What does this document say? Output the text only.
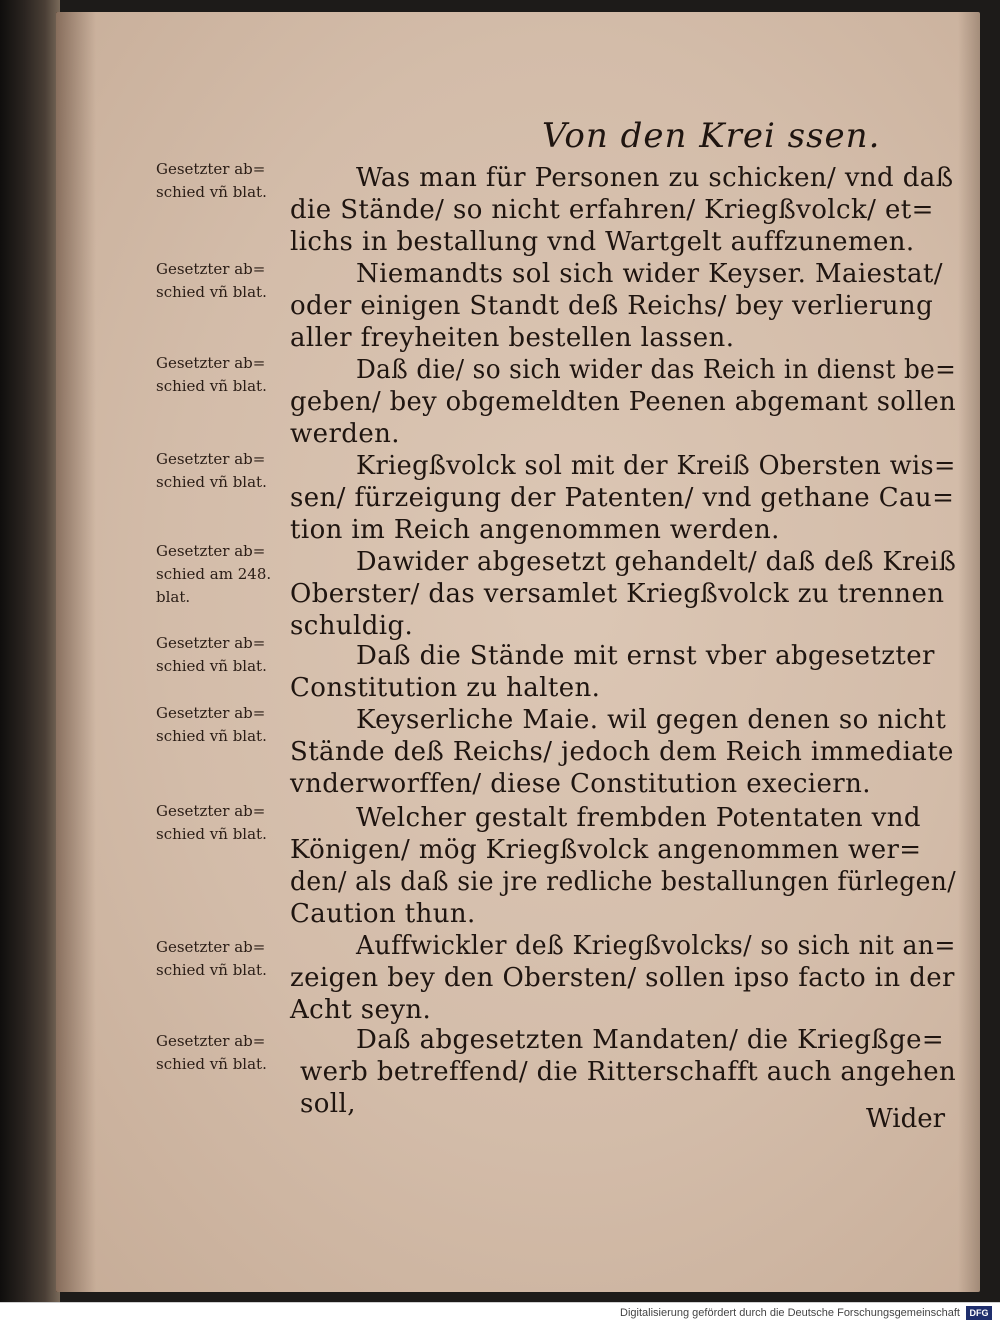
Von den Krei ssen.
Was man für Personen zu schicken/ vnd daß
die Stände/ so nicht erfahren/ Kriegßvolck/ et=
lichs in bestallung vnd Wartgelt auffzunemen.
Niemandts sol sich wider Keyser. Maiestat/
oder einigen Standt deß Reichs/ bey verlierung
aller freyheiten bestellen lassen.
Daß die/ so sich wider das Reich in dienst be=
geben/ bey obgemeldten Peenen abgemant sollen
werden.
Kriegßvolck sol mit der Kreiß Obersten wis=
sen/ fürzeigung der Patenten/ vnd gethane Cau=
tion im Reich angenommen werden.
Dawider abgesetzt gehandelt/ daß deß Kreiß
Oberster/ das versamlet Kriegßvolck zu trennen
schuldig.
Daß die Stände mit ernst vber abgesetzter
Constitution zu halten.
Keyserliche Maie. wil gegen denen so nicht
Stände deß Reichs/ jedoch dem Reich immediate
vnderworffen/ diese Constitution execiern.
Welcher gestalt frembden Potentaten vnd
Königen/ mög Kriegßvolck angenommen wer=
den/ als daß sie jre redliche bestallungen fürlegen/
Caution thun.
Auffwickler deß Kriegßvolcks/ so sich nit an=
zeigen bey den Obersten/ sollen ipso facto in der
Acht seyn.
Daß abgesetzten Mandaten/ die Kriegßge=
werb betreffend/ die Ritterschafft auch angehen
soll,
Gesetzter ab=
schied vñ blat.
Gesetzter ab=
schied vñ blat.
Gesetzter ab=
schied vñ blat.
Gesetzter ab=
schied vñ blat.
Gesetzter ab=
schied am 248.
blat.
Gesetzter ab=
schied vñ blat.
Gesetzter ab=
schied vñ blat.
Gesetzter ab=
schied vñ blat.
Gesetzter ab=
schied vñ blat.
Gesetzter ab=
schied vñ blat.
Wider
Digitalisierung gefördert durch die Deutsche Forschungsgemeinschaft	DFG
